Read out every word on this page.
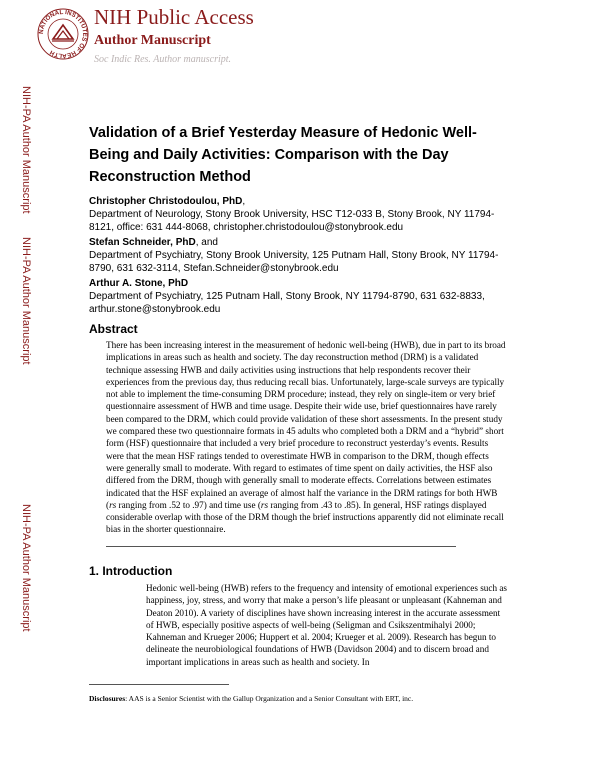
NATIONAL INSTITUTES OF HEALTH
NIH Public Access
Author Manuscript
Soc Indic Res. Author manuscript.
NIH-PA Author Manuscript
NIH-PA Author Manuscript
NIH-PA Author Manuscript
Validation of a Brief Yesterday Measure of Hedonic Well-Being and Daily Activities: Comparison with the Day Reconstruction Method
Christopher Christodoulou, PhD,
Department of Neurology, Stony Brook University, HSC T12-033 B, Stony Brook, NY 11794-8121, office: 631 444-8068, christopher.christodoulou@stonybrook.edu
Stefan Schneider, PhD, and
Department of Psychiatry, Stony Brook University, 125 Putnam Hall, Stony Brook, NY 11794-8790, 631 632-3114, Stefan.Schneider@stonybrook.edu
Arthur A. Stone, PhD
Department of Psychiatry, 125 Putnam Hall, Stony Brook, NY 11794-8790, 631 632-8833, arthur.stone@stonybrook.edu
Abstract
There has been increasing interest in the measurement of hedonic well-being (HWB), due in part to its broad implications in areas such as health and society. The day reconstruction method (DRM) is a validated technique assessing HWB and daily activities using instructions that help respondents recover their experiences from the previous day, thus reducing recall bias. Unfortunately, large-scale surveys are typically not able to implement the time-consuming DRM procedure; instead, they rely on single-item or very brief questionnaire assessment of HWB and time usage. Despite their wide use, brief questionnaires have rarely been compared to the DRM, which could provide validation of these short assessments. In the present study we compared these two questionnaire formats in 45 adults who completed both a DRM and a “hybrid” short form (HSF) questionnaire that included a very brief procedure to reconstruct yesterday’s events. Results were that the mean HSF ratings tended to overestimate HWB in comparison to the DRM, though effects were generally small to moderate. With regard to estimates of time spent on daily activities, the HSF also differed from the DRM, though with generally small to moderate effects. Correlations between estimates indicated that the HSF explained an average of almost half the variance in the DRM ratings for both HWB (rs ranging from .52 to .97) and time use (rs ranging from .43 to .85). In general, HSF ratings displayed considerable overlap with those of the DRM though the brief instructions apparently did not eliminate recall bias in the shorter questionnaire.
1. Introduction
Hedonic well-being (HWB) refers to the frequency and intensity of emotional experiences such as happiness, joy, stress, and worry that make a person’s life pleasant or unpleasant (Kahneman and Deaton 2010). A variety of disciplines have shown increasing interest in the accurate assessment of HWB, especially positive aspects of well-being (Seligman and Csikszentmihalyi 2000; Kahneman and Krueger 2006; Huppert et al. 2004; Krueger et al. 2009). Research has begun to delineate the neurobiological foundations of HWB (Davidson 2004) and to discern broad and important implications in areas such as health and society. In
Disclosures: AAS is a Senior Scientist with the Gallup Organization and a Senior Consultant with ERT, inc.
